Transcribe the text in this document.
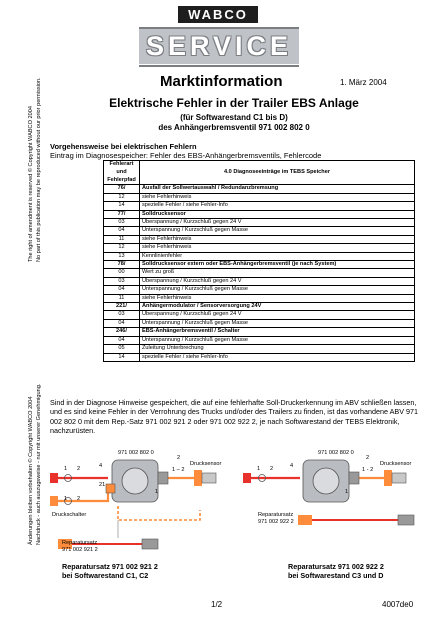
WABCO
SERVICE
Marktinformation	1. März 2004
The right of amendment is reserved © Copyright WABCO 2004 No part of this publication may be reproduced without our prior permission.
Änderungen bleiben vorbehalten © Copyright WABCO 2004 Nachdruck - auch auszugsweise - nur mit unserer Genehmigung.
Elektrische Fehler in der Trailer EBS Anlage
(für Softwarestand C1 bis D)
des Anhängerbremsventil 971 002 802 0
Vorgehensweise bei elektrischen Fehlern
Eintrag im Diagnosespeicher: Fehler des EBS-Anhängerbremsventils, Fehlercode
Fehlerart
und
Fehlerpfad	4.0 Diagnoseeinträge im TEBS Speicher
76/	Ausfall der Sollwertauswahl / Redundanzbremsung
12	siehe Fehlerhinweis
14	spezielle Fehler / siehe Fehler-Info
77/	Solldrucksensor
03	Überspannung / Kurzschluß gegen 24 V
04	Unterspannung / Kurzschluß gegen Masse
11	siehe Fehlerhinweis
12	siehe Fehlerhinweis
13	Kennlinienfehler
78/	Solldrucksensor extern oder EBS-Anhängerbremsventil (je nach System)
00	Wert zu groß
03	Überspannung / Kurzschluß gegen 24 V
04	Unterspannung / Kurzschluß gegen Masse
11	siehe Fehlerhinweis
221/	Anhängermodulator / Sensorversorgung 24V
03	Überspannung / Kurzschluß gegen 24 V
04	Unterspannung / Kurzschluß gegen Masse
246/	EBS-Anhängerbremsventil / Schalter
04	Unterspannung / Kurzschluß gegen Masse
05	Zuleitung Unterbrechung
14	spezielle Fehler / siehe Fehler-Info
Sind in der Diagnose Hinweise gespeichert, die auf eine fehlerhafte Soll-Druckerkennung im ABV schließen lassen, und es sind keine Fehler in der Verrohrung des Trucks und/oder des Trailers zu finden, ist das vorhandene ABV 971 002 802 0 mit dem Rep.-Satz 971 002 921 2 oder 971 002 922 2, je nach Softwarestand der TEBS Elektronik, nachzurüsten.
971 002 802 0
Drucksensor
Druckschalter
Reparatursatz
971 002 921 2
1 – 2
1 2	4
2
1
1 2
21
971 002 802 0
Drucksensor
Reparatursatz
971 002 922 2
1 - 2
1 2	4
2
1
Reparatursatz 971 002 921 2
bei Softwarestand C1, C2
Reparatursatz 971 002 922 2
bei Softwarestand C3 und D
1/2	4007de0
